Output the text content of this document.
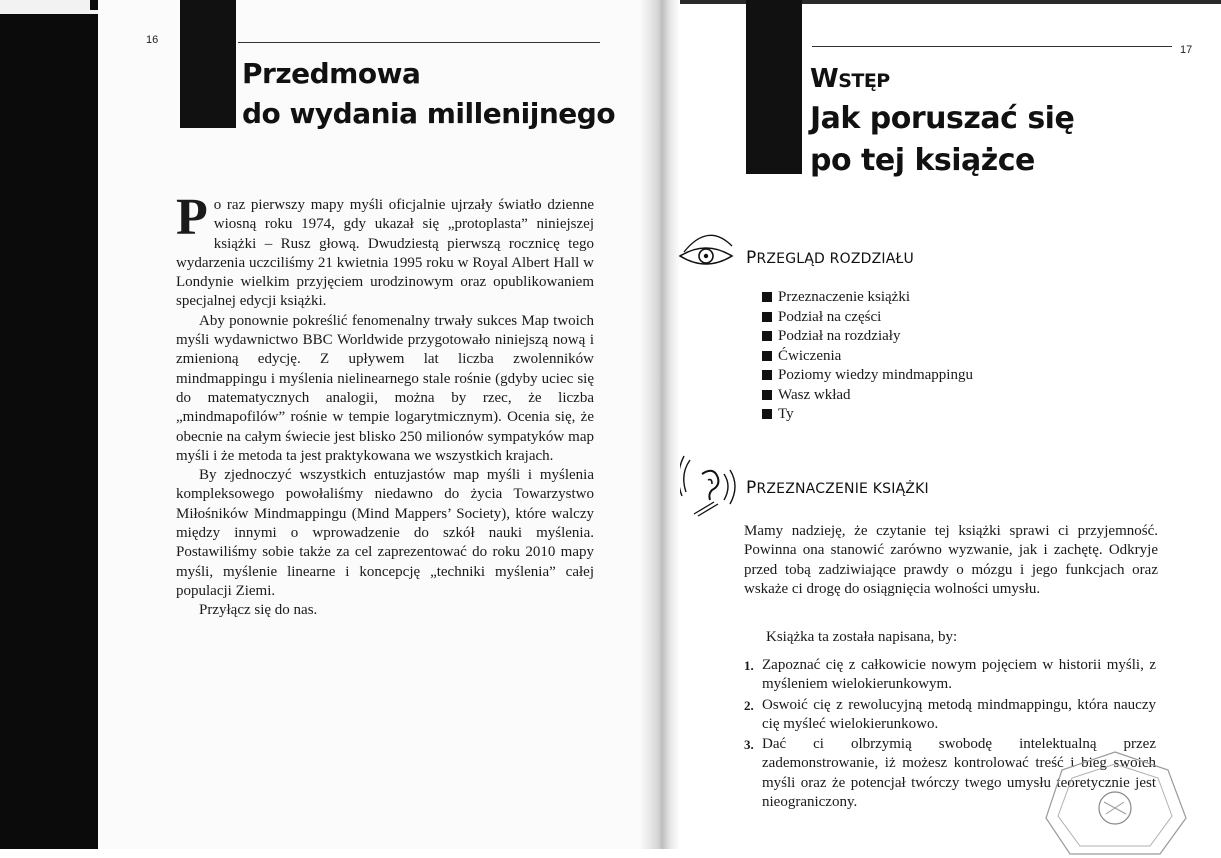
16
Przedmowa
do wydania millenijnego

Po raz pierwszy mapy myśli oficjalnie ujrzały światło dzienne wiosną roku 1974, gdy ukazał się „protoplasta” niniejszej książki – Rusz głową. Dwudziestą pierwszą rocznicę tego wydarzenia uczciliśmy 21 kwietnia 1995 roku w Royal Albert Hall w Londynie wielkim przyjęciem urodzinowym oraz opublikowaniem specjalnej edycji książki.

Aby ponownie pokreślić fenomenalny trwały sukces Map twoich myśli wydawnictwo BBC Worldwide przygotowało niniejszą nową i zmienioną edycję. Z upływem lat liczba zwolenników mindmappingu i myślenia nielinearnego stale rośnie (gdyby uciec się do matematycznych analogii, można by rzec, że liczba „mindmapofilów” rośnie w tempie logarytmicznym). Ocenia się, że obecnie na całym świecie jest blisko 250 milionów sympatyków map myśli i że metoda ta jest praktykowana we wszystkich krajach.

By zjednoczyć wszystkich entuzjastów map myśli i myślenia kompleksowego powołaliśmy niedawno do życia Towarzystwo Miłośników Mindmappingu (Mind Mappers’ Society), które walczy między innymi o wprowadzenie do szkół nauki myślenia. Postawiliśmy sobie także za cel zaprezentować do roku 2010 mapy myśli, myślenie linearne i koncepcję „techniki myślenia” całej populacji Ziemi.

Przyłącz się do nas.

17
WSTĘP
Jak poruszać się
po tej książce
PRZEGLĄD ROZDZIAŁU
Przeznaczenie książki
Podział na części
Podział na rozdziały
Ćwiczenia
Poziomy wiedzy mindmappingu
Wasz wkład
Ty
PRZEZNACZENIE KSIĄŻKI

Mamy nadzieję, że czytanie tej książki sprawi ci przyjemność. Powinna ona stanowić zarówno wyzwanie, jak i zachętę. Odkryje przed tobą zadziwiające prawdy o mózgu i jego funkcjach oraz wskaże ci drogę do osiągnięcia wolności umysłu.

Książka ta została napisana, by:

1. Zapoznać cię z całkowicie nowym pojęciem w historii myśli, z myśleniem wielokierunkowym.
2. Oswoić cię z rewolucyjną metodą mindmappingu, która nauczy cię myśleć wielokierunkowo.
3. Dać ci olbrzymią swobodę intelektualną przez zademonstrowanie, iż możesz kontrolować treść i bieg swoich myśli oraz że potencjał twórczy twego umysłu teoretycznie jest nieograniczony.
